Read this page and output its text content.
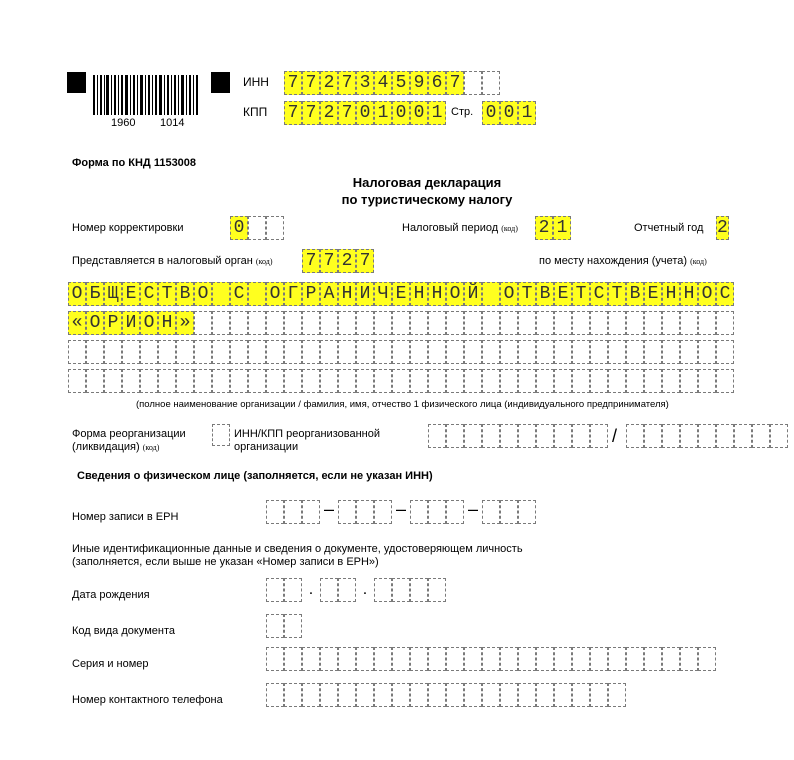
1960 1014
ИНН 7 7 2 7 3 4 5 9 6 7
КПП 7 7 2 7 0 1 0 0 1 Стр. 0 0 1
Форма по КНД 1153008
Налоговая декларация
по туристическому налогу
Номер корректировки	0	Налоговый период (код) 2 1	Отчетный год 2
Представляется в налоговый орган (код) 7 7 2 7	по месту нахождения (учета) (код)
О Б Щ Е С Т В О С О Г Р А Н И Ч Е Н Н О Й О Т В Е Т С Т В Е Н Н О С
« О Р И О Н »
(полное наименование организации / фамилия, имя, отчество 1 физического лица (индивидуального предпринимателя)
Форма реорганизации
(ликвидация) (код)
ИНН/КПП реорганизованной
организации
/
Сведения о физическом лице (заполняется, если не указан ИНН)
Номер записи в ЕРН	–	–	–
Иные идентификационные данные и сведения о документе, удостоверяющем личность
(заполняется, если выше не указан «Номер записи в ЕРН»)
Дата рождения	.	.
Код вида документа
Серия и номер
Номер контактного телефона
